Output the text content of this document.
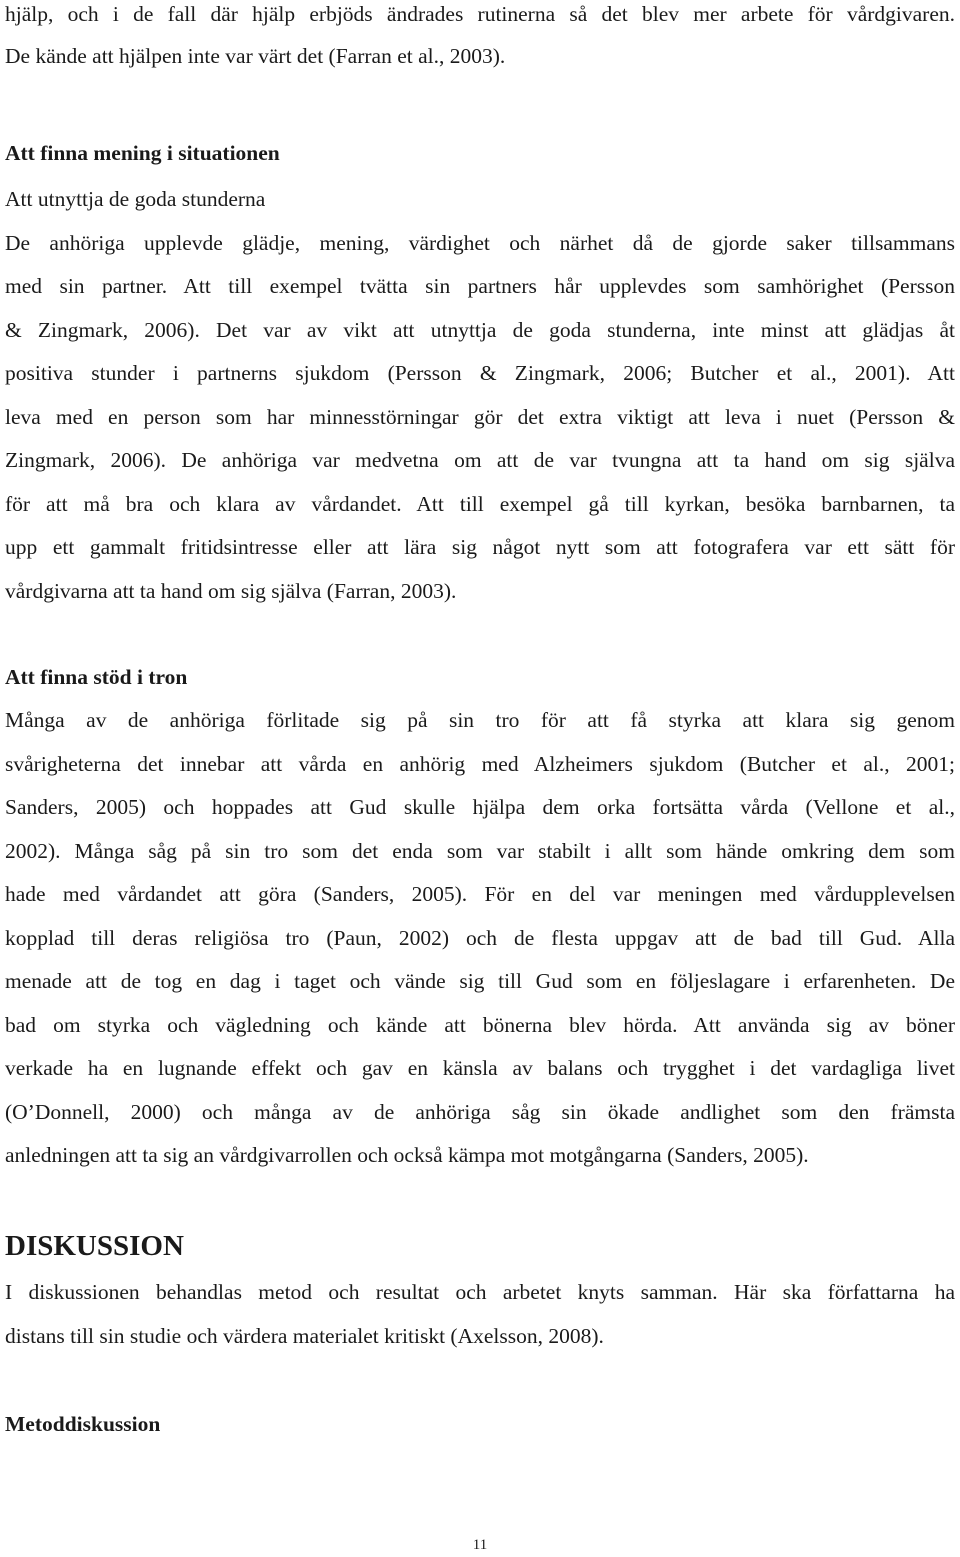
hjälp, och i de fall där hjälp erbjöds ändrades rutinerna så det blev mer arbete för vårdgivaren.
De kände att hjälpen inte var värt det (Farran et al., 2003).
Att finna mening i situationen
Att utnyttja de goda stunderna
De anhöriga upplevde glädje, mening, värdighet och närhet då de gjorde saker tillsammans
med sin partner. Att till exempel tvätta sin partners hår upplevdes som samhörighet (Persson
& Zingmark, 2006). Det var av vikt att utnyttja de goda stunderna, inte minst att glädjas åt
positiva stunder i partnerns sjukdom (Persson & Zingmark, 2006; Butcher et al., 2001). Att
leva med en person som har minnesstörningar gör det extra viktigt att leva i nuet (Persson &
Zingmark, 2006). De anhöriga var medvetna om att de var tvungna att ta hand om sig själva
för att må bra och klara av vårdandet. Att till exempel gå till kyrkan, besöka barnbarnen, ta
upp ett gammalt fritidsintresse eller att lära sig något nytt som att fotografera var ett sätt för
vårdgivarna att ta hand om sig själva (Farran, 2003).
Att finna stöd i tron
Många av de anhöriga förlitade sig på sin tro för att få styrka att klara sig genom
svårigheterna det innebar att vårda en anhörig med Alzheimers sjukdom (Butcher et al., 2001;
Sanders, 2005) och hoppades att Gud skulle hjälpa dem orka fortsätta vårda (Vellone et al.,
2002). Många såg på sin tro som det enda som var stabilt i allt som hände omkring dem som
hade med vårdandet att göra (Sanders, 2005). För en del var meningen med vårdupplevelsen
kopplad till deras religiösa tro (Paun, 2002) och de flesta uppgav att de bad till Gud. Alla
menade att de tog en dag i taget och vände sig till Gud som en följeslagare i erfarenheten. De
bad om styrka och vägledning och kände att bönerna blev hörda. Att använda sig av böner
verkade ha en lugnande effekt och gav en känsla av balans och trygghet i det vardagliga livet
(O’Donnell, 2000) och många av de anhöriga såg sin ökade andlighet som den främsta
anledningen att ta sig an vårdgivarrollen och också kämpa mot motgångarna (Sanders, 2005).
DISKUSSION
I diskussionen behandlas metod och resultat och arbetet knyts samman. Här ska författarna ha
distans till sin studie och värdera materialet kritiskt (Axelsson, 2008).
Metoddiskussion
11
